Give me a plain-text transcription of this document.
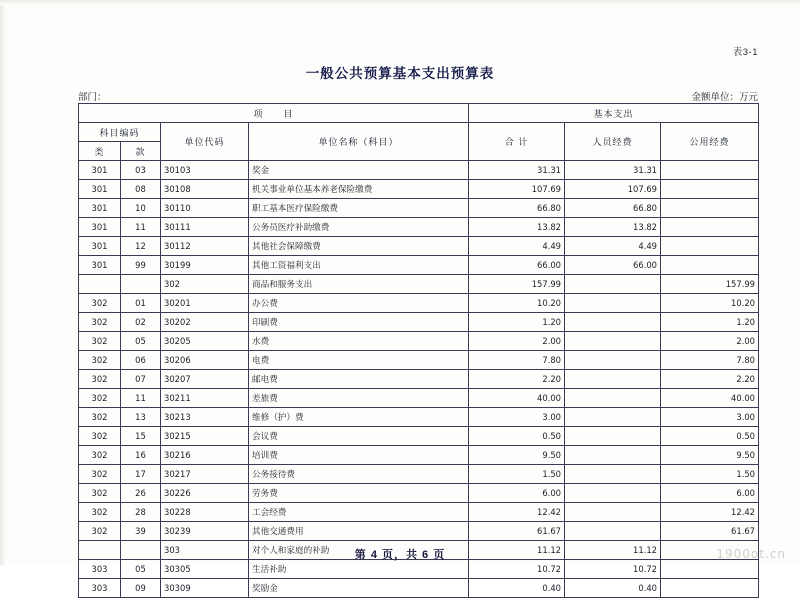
表3-1
一般公共预算基本支出预算表
部门：	金额单位：万元
项　　目				基本支出		
科目编码		单位代码	单位名称（科目）	合 计	人员经费	公用经费
类	款					
301	03	30103	奖金	31.31	31.31	
301	08	30108	机关事业单位基本养老保险缴费	107.69	107.69	
301	10	30110	职工基本医疗保险缴费	66.80	66.80	
301	11	30111	公务员医疗补助缴费	13.82	13.82	
301	12	30112	其他社会保障缴费	4.49	4.49	
301	99	30199	其他工资福利支出	66.00	66.00	
		302	商品和服务支出	157.99		157.99
302	01	30201	办公费	10.20		10.20
302	02	30202	印刷费	1.20		1.20
302	05	30205	水费	2.00		2.00
302	06	30206	电费	7.80		7.80
302	07	30207	邮电费	2.20		2.20
302	11	30211	差旅费	40.00		40.00
302	13	30213	维修（护）费	3.00		3.00
302	15	30215	会议费	0.50		0.50
302	16	30216	培训费	9.50		9.50
302	17	30217	公务接待费	1.50		1.50
302	26	30226	劳务费	6.00		6.00
302	28	30228	工会经费	12.42		12.42
302	39	30239	其他交通费用	61.67		61.67
		303	对个人和家庭的补助	11.12	11.12	
303	05	30305	生活补助	10.72	10.72	
303	09	30309	奖励金	0.40	0.40	
第 4 页，共 6 页
	1900ot.cn
